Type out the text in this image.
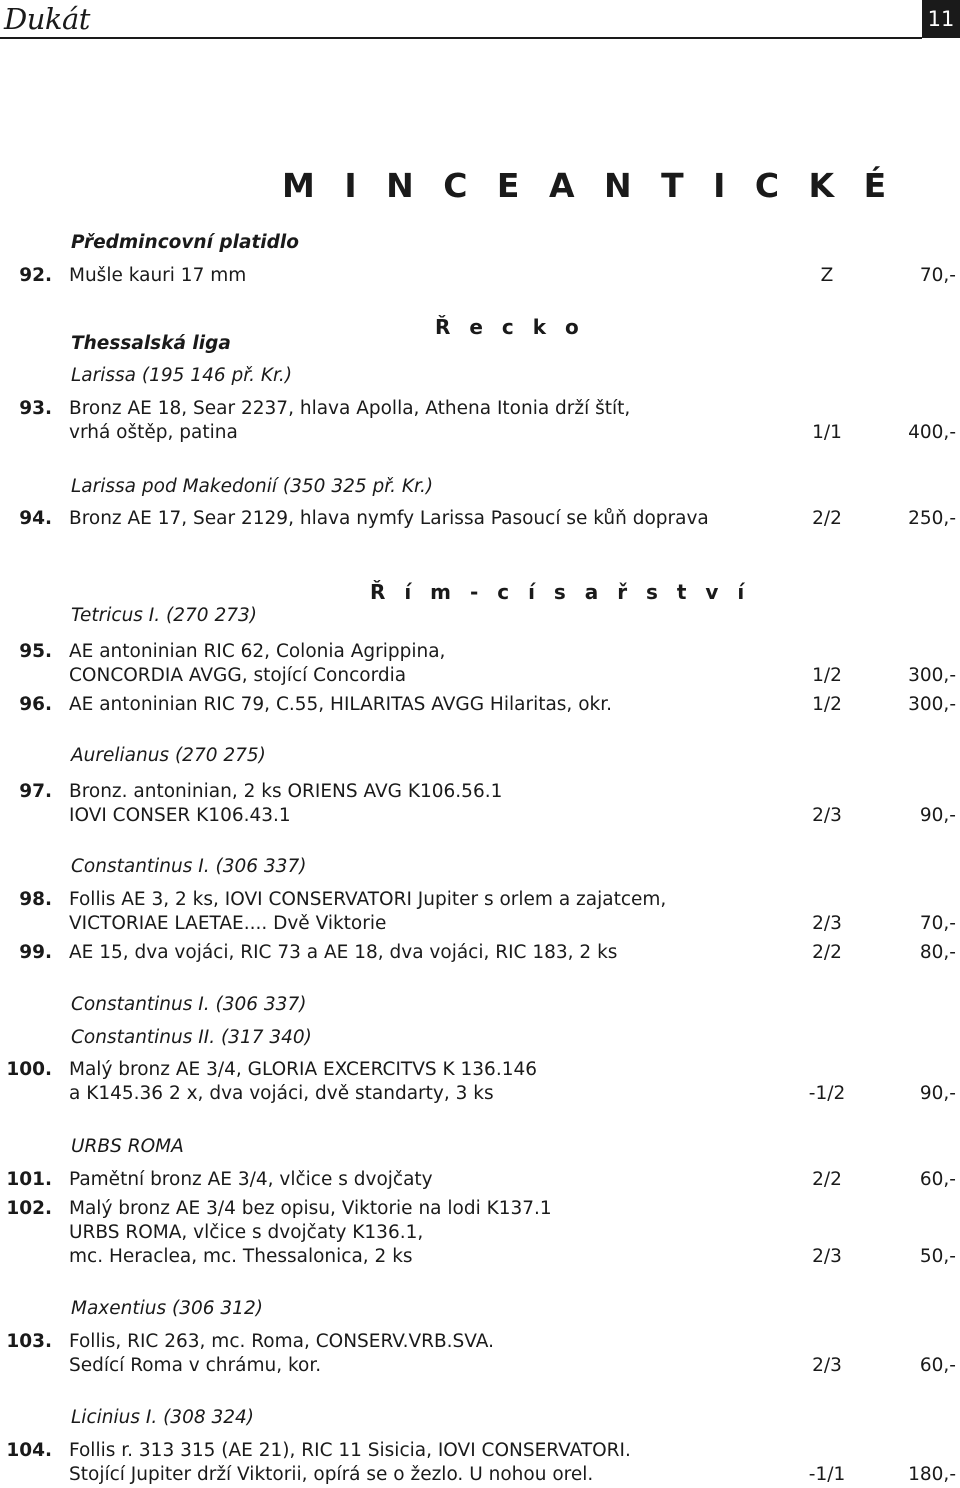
Dukát	11
M I N C E A N T I C K É
Předmincovní platidlo
Ř e c k o
Thessalská liga
Larissa (195 146 př. Kr.)
Larissa pod Makedonií (350 325 př. Kr.)
Ř í m - c í s a ř s t v í
Tetricus I. (270 273)
Aurelianus (270 275)
Constantinus I. (306 337)
Constantinus I. (306 337)
Constantinus II. (317 340)
URBS ROMA
Maxentius (306 312)
Licinius I. (308 324)
92. Mušle kauri 17 mm	Z	70,-
93. Bronz AE 18, Sear 2237, hlava Apolla, Athena Itonia drží štít,
vrhá oštěp, patina	1/1	400,-
94. Bronz AE 17, Sear 2129, hlava nymfy Larissa Pasoucí se kůň doprava	2/2	250,-
95. AE antoninian RIC 62, Colonia Agrippina,
CONCORDIA AVGG, stojící Concordia	1/2	300,-
96. AE antoninian RIC 79, C.55, HILARITAS AVGG Hilaritas, okr.	1/2	300,-
97. Bronz. antoninian, 2 ks ORIENS AVG K106.56.1
IOVI CONSER K106.43.1	2/3	90,-
98. Follis AE 3, 2 ks, IOVI CONSERVATORI Jupiter s orlem a zajatcem,
VICTORIAE LAETAE.... Dvě Viktorie	2/3	70,-
99. AE 15, dva vojáci, RIC 73 a AE 18, dva vojáci, RIC 183, 2 ks	2/2	80,-
100. Malý bronz AE 3/4, GLORIA EXCERCITVS K 136.146
a K145.36 2 x, dva vojáci, dvě standarty, 3 ks	-1/2	90,-
101. Pamětní bronz AE 3/4, vlčice s dvojčaty	2/2	60,-
102. Malý bronz AE 3/4 bez opisu, Viktorie na lodi K137.1
URBS ROMA, vlčice s dvojčaty K136.1,
mc. Heraclea, mc. Thessalonica, 2 ks	2/3	50,-
103. Follis, RIC 263, mc. Roma, CONSERV.VRB.SVA.
Sedící Roma v chrámu, kor.	2/3	60,-
104. Follis r. 313 315 (AE 21), RIC 11 Sisicia, IOVI CONSERVATORI.
Stojící Jupiter drží Viktorii, opírá se o žezlo. U nohou orel.	-1/1	180,-
